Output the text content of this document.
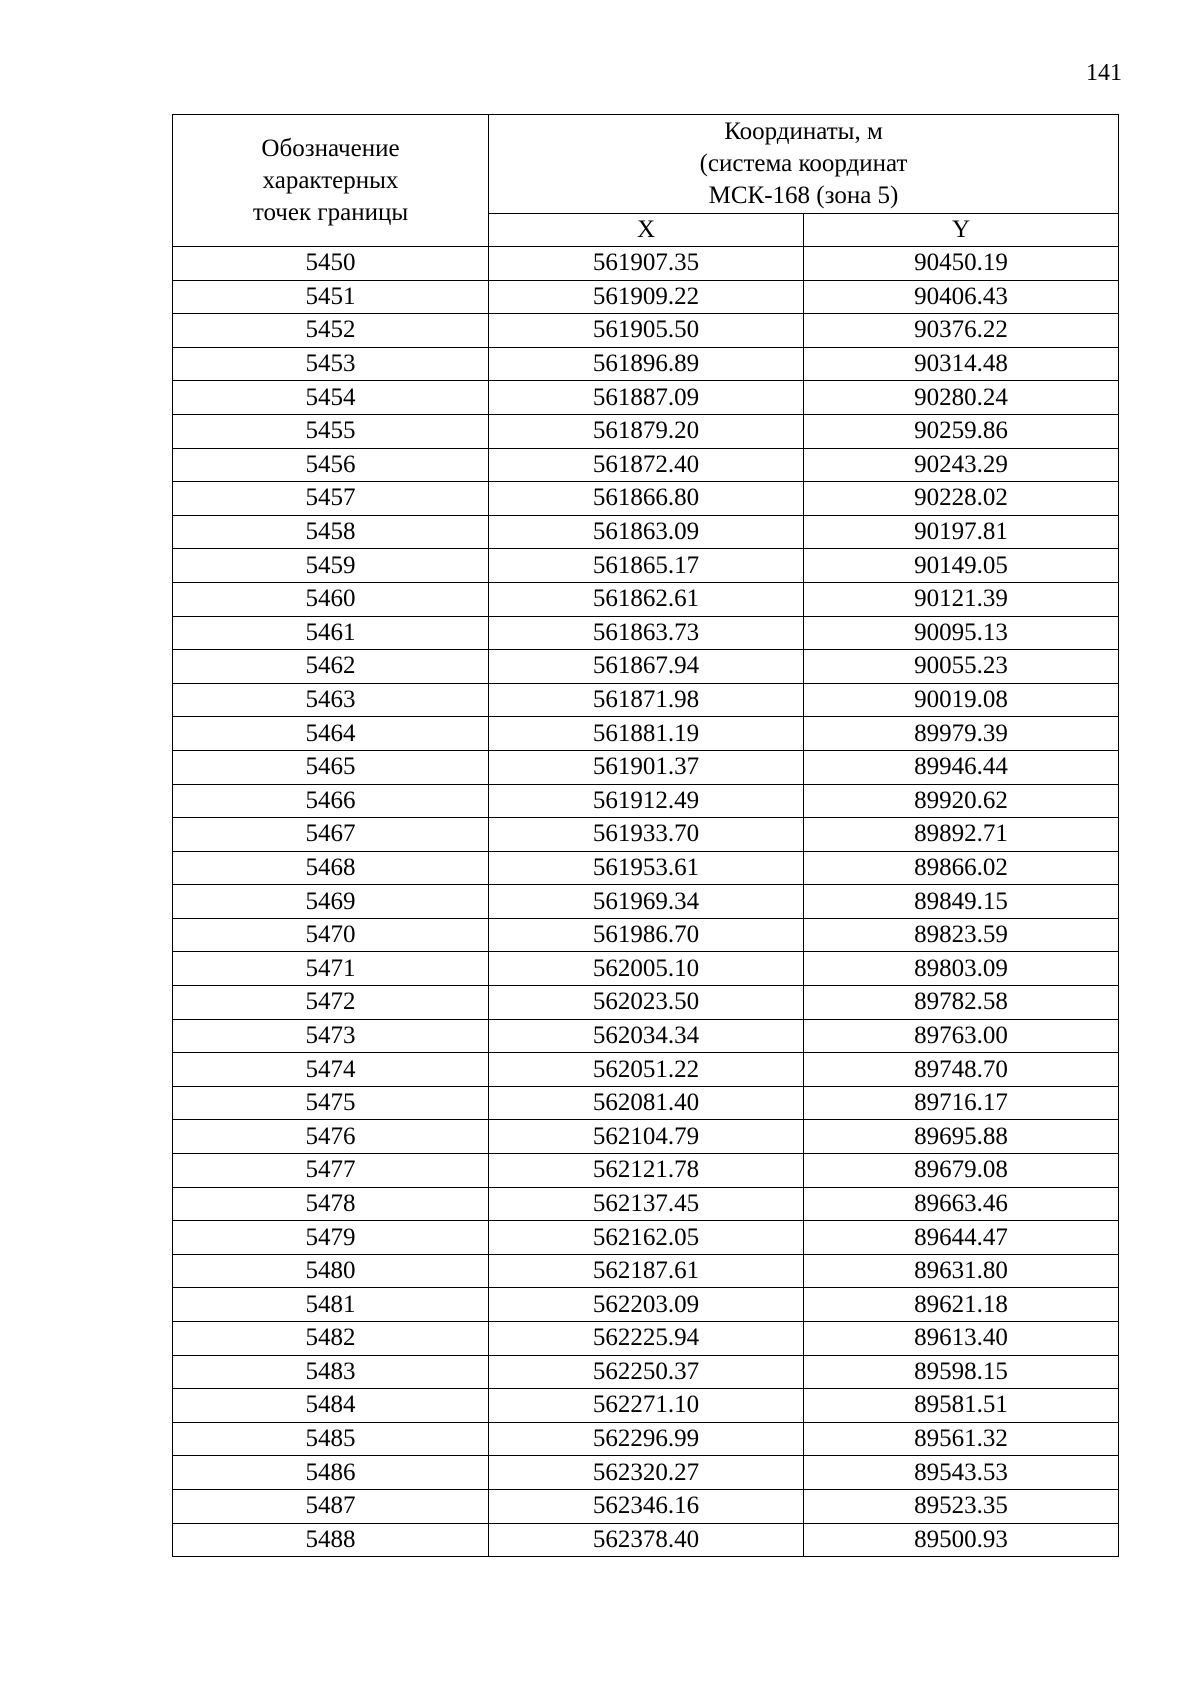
141
Обозначение
характерных
точек границы	Координаты, м
(система координат
МСК-168 (зона 5)	

	X	Y
5450	561907.35	90450.19
5451	561909.22	90406.43
5452	561905.50	90376.22
5453	561896.89	90314.48
5454	561887.09	90280.24
5455	561879.20	90259.86
5456	561872.40	90243.29
5457	561866.80	90228.02
5458	561863.09	90197.81
5459	561865.17	90149.05
5460	561862.61	90121.39
5461	561863.73	90095.13
5462	561867.94	90055.23
5463	561871.98	90019.08
5464	561881.19	89979.39
5465	561901.37	89946.44
5466	561912.49	89920.62
5467	561933.70	89892.71
5468	561953.61	89866.02
5469	561969.34	89849.15
5470	561986.70	89823.59
5471	562005.10	89803.09
5472	562023.50	89782.58
5473	562034.34	89763.00
5474	562051.22	89748.70
5475	562081.40	89716.17
5476	562104.79	89695.88
5477	562121.78	89679.08
5478	562137.45	89663.46
5479	562162.05	89644.47
5480	562187.61	89631.80
5481	562203.09	89621.18
5482	562225.94	89613.40
5483	562250.37	89598.15
5484	562271.10	89581.51
5485	562296.99	89561.32
5486	562320.27	89543.53
5487	562346.16	89523.35
5488	562378.40	89500.93
